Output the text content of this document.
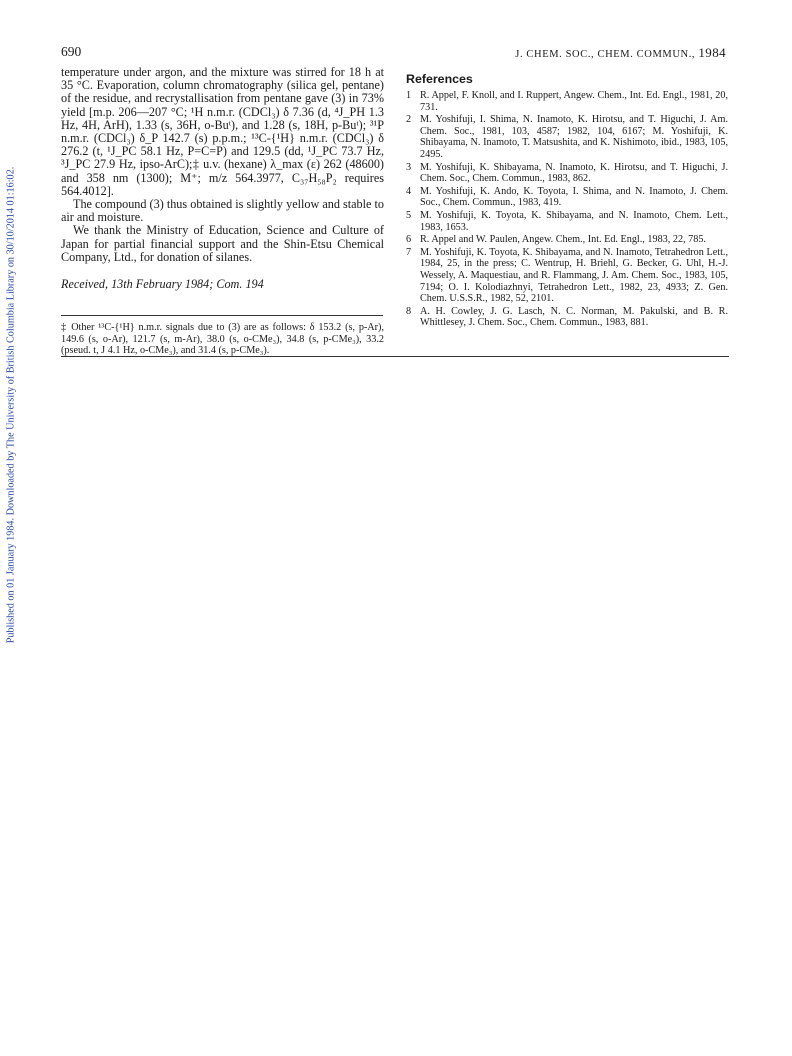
Published on 01 January 1984. Downloaded by The University of British Columbia Library on 30/10/2014 01:16:02.
690	J. CHEM. SOC., CHEM. COMMUN., 1984

temperature under argon, and the mixture was stirred for 18 h at 35 °C. Evaporation, column chromatography (silica gel, pentane) of the residue, and recrystallisation from pentane gave (3) in 73% yield [m.p. 206—207 °C; ¹H n.m.r. (CDCl₃) δ 7.36 (d, ⁴J_PH 1.3 Hz, 4H, ArH), 1.33 (s, 36H, o-Buᵗ), and 1.28 (s, 18H, p-Buᵗ); ³¹P n.m.r. (CDCl₃) δ_P 142.7 (s) p.p.m.; ¹³C-{¹H} n.m.r. (CDCl₃) δ 276.2 (t, ¹J_PC 58.1 Hz, P=C=P) and 129.5 (dd, ¹J_PC 73.7 Hz, ³J_PC 27.9 Hz, ipso-ArC);‡ u.v. (hexane) λ_max (ε) 262 (48600) and 358 nm (1300); M⁺; m/z 564.3977, C₃₇H₅₈P₂ requires 564.4012].

The compound (3) thus obtained is slightly yellow and stable to air and moisture.

We thank the Ministry of Education, Science and Culture of Japan for partial financial support and the Shin-Etsu Chemical Company, Ltd., for donation of silanes.

Received, 13th February 1984; Com. 194

‡ Other ¹³C-{¹H} n.m.r. signals due to (3) are as follows: δ 153.2 (s, p-Ar), 149.6 (s, o-Ar), 121.7 (s, m-Ar), 38.0 (s, o-CMe₃), 34.8 (s, p-CMe₃), 33.2 (pseud. t, J 4.1 Hz, o-CMe₃), and 31.4 (s, p-CMe₃).
References
1 R. Appel, F. Knoll, and I. Ruppert, Angew. Chem., Int. Ed. Engl., 1981, 20, 731.
2 M. Yoshifuji, I. Shima, N. Inamoto, K. Hirotsu, and T. Higuchi, J. Am. Chem. Soc., 1981, 103, 4587; 1982, 104, 6167; M. Yoshifuji, K. Shibayama, N. Inamoto, T. Matsushita, and K. Nishimoto, ibid., 1983, 105, 2495.
3 M. Yoshifuji, K. Shibayama, N. Inamoto, K. Hirotsu, and T. Higuchi, J. Chem. Soc., Chem. Commun., 1983, 862.
4 M. Yoshifuji, K. Ando, K. Toyota, I. Shima, and N. Inamoto, J. Chem. Soc., Chem. Commun., 1983, 419.
5 M. Yoshifuji, K. Toyota, K. Shibayama, and N. Inamoto, Chem. Lett., 1983, 1653.
6 R. Appel and W. Paulen, Angew. Chem., Int. Ed. Engl., 1983, 22, 785.
7 M. Yoshifuji, K. Toyota, K. Shibayama, and N. Inamoto, Tetrahedron Lett., 1984, 25, in the press; C. Wentrup, H. Briehl, G. Becker, G. Uhl, H.-J. Wessely, A. Maquestiau, and R. Flammang, J. Am. Chem. Soc., 1983, 105, 7194; O. I. Kolodiazhnyi, Tetrahedron Lett., 1982, 23, 4933; Z. Gen. Chem. U.S.S.R., 1982, 52, 2101.
8 A. H. Cowley, J. G. Lasch, N. C. Norman, M. Pakulski, and B. R. Whittlesey, J. Chem. Soc., Chem. Commun., 1983, 881.
